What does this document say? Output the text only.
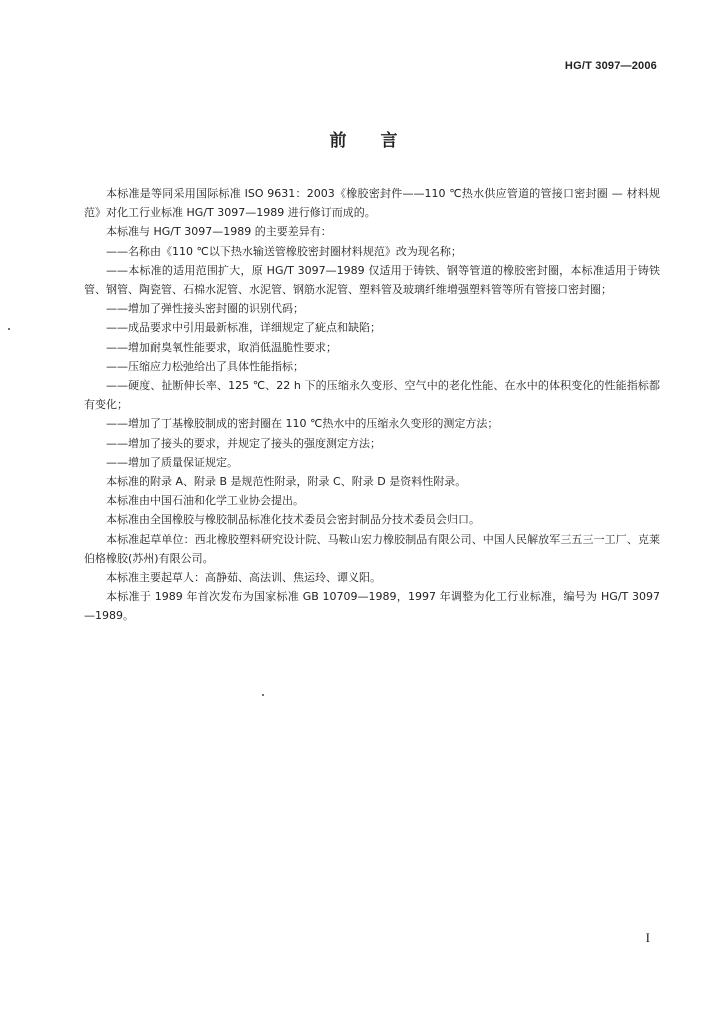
HG/T 3097—2006
前言

本标准是等同采用国际标准 ISO 9631：2003《橡胶密封件——110 ℃热水供应管道的管接口密封圈 — 材料规范》对化工行业标准 HG/T 3097—1989 进行修订而成的。

本标准与 HG/T 3097—1989 的主要差异有：

——名称由《110 ℃以下热水输送管橡胶密封圈材料规范》改为现名称；

——本标准的适用范围扩大，原 HG/T 3097—1989 仅适用于铸铁、钢等管道的橡胶密封圈，本标准适用于铸铁管、钢管、陶瓷管、石棉水泥管、水泥管、钢筋水泥管、塑料管及玻璃纤维增强塑料管等所有管接口密封圈；

——增加了弹性接头密封圈的识别代码；

——成品要求中引用最新标准，详细规定了疵点和缺陷；

——增加耐臭氧性能要求，取消低温脆性要求；

——压缩应力松弛给出了具体性能指标；

——硬度、扯断伸长率、125 ℃、22 h 下的压缩永久变形、空气中的老化性能、在水中的体积变化的性能指标都有变化；

——增加了丁基橡胶制成的密封圈在 110 ℃热水中的压缩永久变形的测定方法；

——增加了接头的要求，并规定了接头的强度测定方法；

——增加了质量保证规定。

本标准的附录 A、附录 B 是规范性附录，附录 C、附录 D 是资料性附录。

本标准由中国石油和化学工业协会提出。

本标准由全国橡胶与橡胶制品标准化技术委员会密封制品分技术委员会归口。

本标准起草单位：西北橡胶塑料研究设计院、马鞍山宏力橡胶制品有限公司、中国人民解放军三五三一工厂、克莱伯格橡胶(苏州)有限公司。

本标准主要起草人：高静茹、高法训、焦运玲、谭义阳。

本标准于 1989 年首次发布为国家标准 GB 10709—1989，1997 年调整为化工行业标准，编号为 HG/T 3097—1989。

I
